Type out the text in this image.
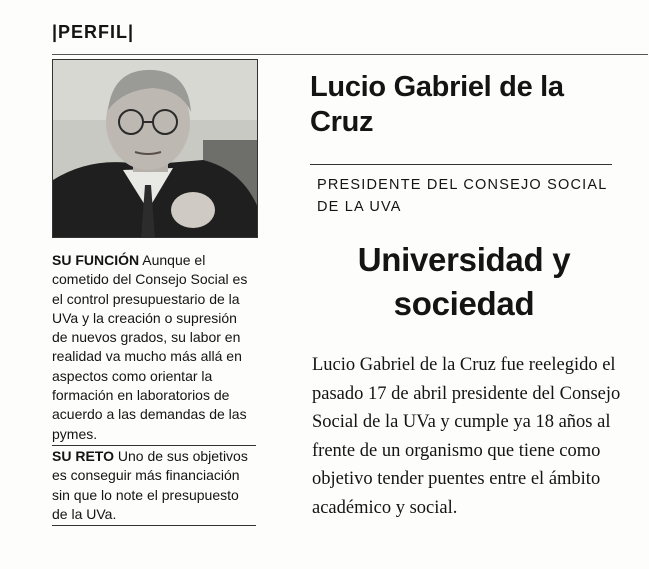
|PERFIL|

SU FUNCIÓN Aunque el cometido del Consejo Social es el control presupuestario de la UVa y la creación o supresión de nuevos grados, su labor en realidad va mucho más allá en aspectos como orientar la formación en laboratorios de acuerdo a las demandas de las pymes.

SU RETO Uno de sus objetivos es conseguir más financiación sin que lo note el presupuesto de la UVa.

Lucio Gabriel de la Cruz
PRESIDENTE DEL CONSEJO SOCIAL DE LA UVA
Universidad y sociedad

Lucio Gabriel de la Cruz fue reelegido el pasado 17 de abril presidente del Consejo Social de la UVa y cumple ya 18 años al frente de un organismo que tiene como objetivo tender puentes entre el ámbito académico y social.
